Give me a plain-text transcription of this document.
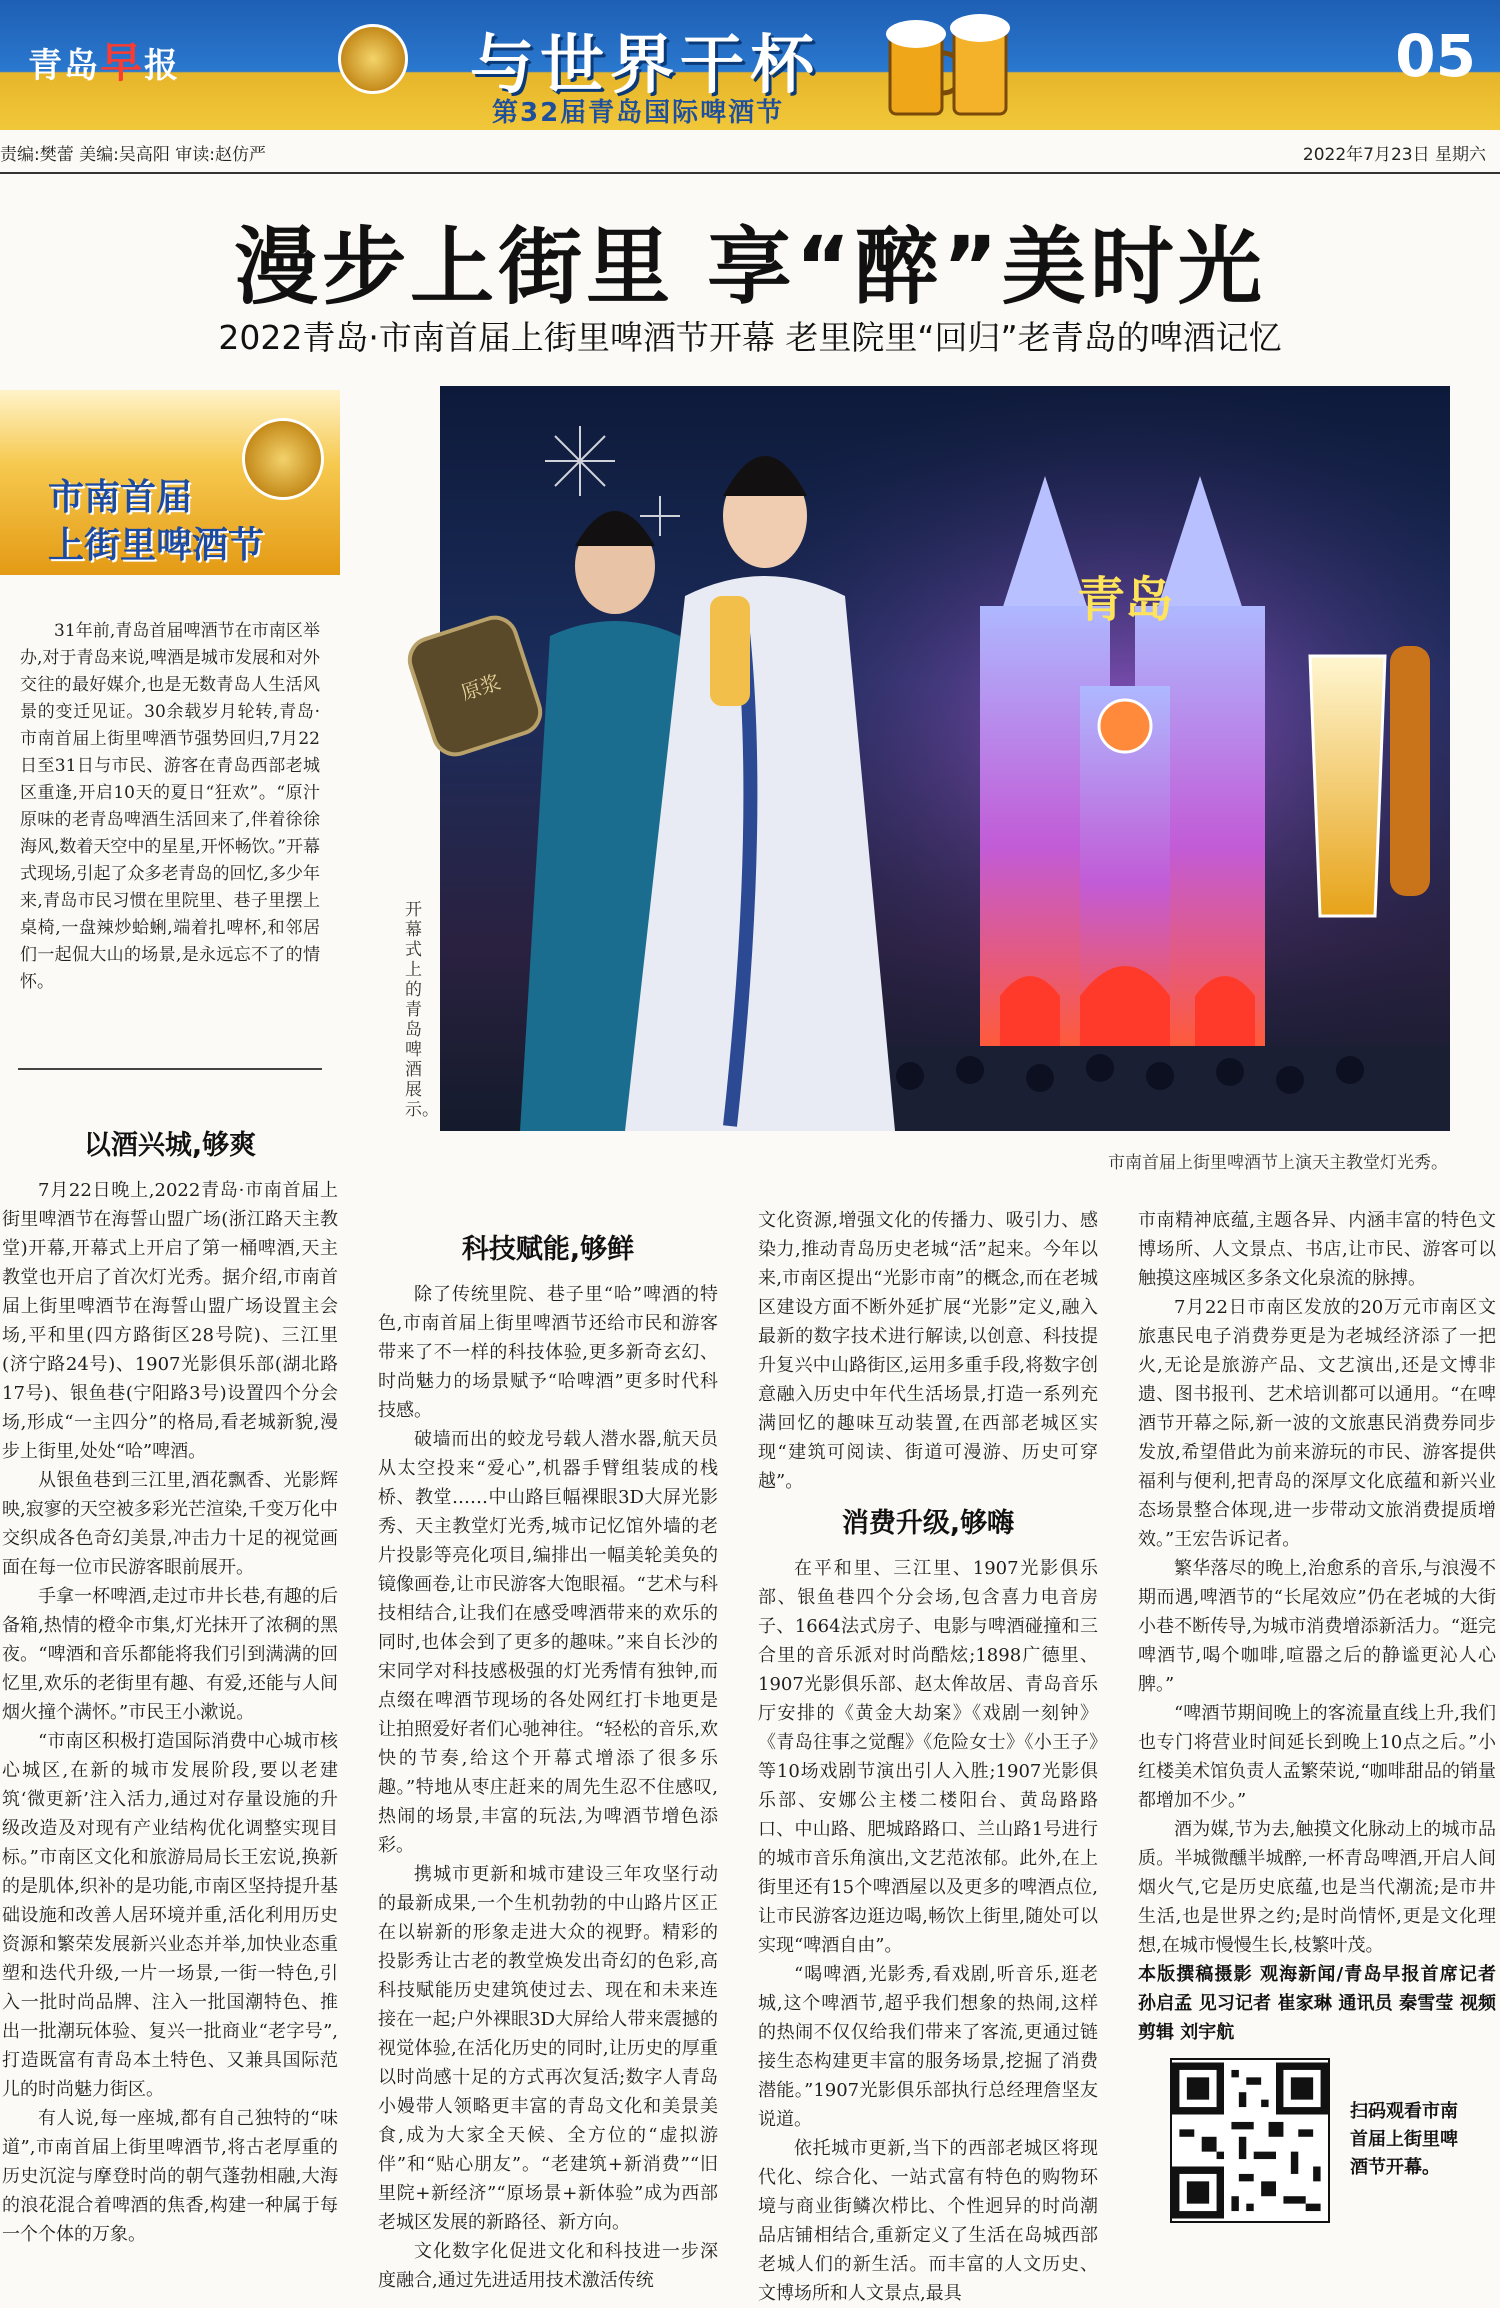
青岛早报	与世界干杯
第32届青岛国际啤酒节
05
责编:樊蕾 美编:吴高阳 审读:赵仿严	2022年7月23日 星期六
漫步上街里 享“醉”美时光
2022青岛·市南首届上街里啤酒节开幕 老里院里“回归”老青岛的啤酒记忆
市南首届
上街里啤酒节

31年前,青岛首届啤酒节在市南区举办,对于青岛来说,啤酒是城市发展和对外交往的最好媒介,也是无数青岛人生活风景的变迁见证。30余载岁月轮转,青岛·市南首届上街里啤酒节强势回归,7月22日至31日与市民、游客在青岛西部老城区重逢,开启10天的夏日“狂欢”。“原汁原味的老青岛啤酒生活回来了,伴着徐徐海风,数着天空中的星星,开怀畅饮。”开幕式现场,引起了众多老青岛的回忆,多少年来,青岛市民习惯在里院里、巷子里摆上桌椅,一盘辣炒蛤蜊,端着扎啤杯,和邻居们一起侃大山的场景,是永远忘不了的情怀。

青岛
原浆
开幕式上的青岛啤酒展示。
市南首届上街里啤酒节上演天主教堂灯光秀。

以酒兴城,够爽

7月22日晚上,2022青岛·市南首届上街里啤酒节在海誓山盟广场(浙江路天主教堂)开幕,开幕式上开启了第一桶啤酒,天主教堂也开启了首次灯光秀。据介绍,市南首届上街里啤酒节在海誓山盟广场设置主会场,平和里(四方路街区28号院)、三江里(济宁路24号)、1907光影俱乐部(湖北路17号)、银鱼巷(宁阳路3号)设置四个分会场,形成“一主四分”的格局,看老城新貌,漫步上街里,处处“哈”啤酒。

从银鱼巷到三江里,酒花飘香、光影辉映,寂寥的天空被多彩光芒渲染,千变万化中交织成各色奇幻美景,冲击力十足的视觉画面在每一位市民游客眼前展开。

手拿一杯啤酒,走过市井长巷,有趣的后备箱,热情的橙伞市集,灯光抹开了浓稠的黑夜。“啤酒和音乐都能将我们引到满满的回忆里,欢乐的老街里有趣、有爱,还能与人间烟火撞个满怀。”市民王小漱说。

“市南区积极打造国际消费中心城市核心城区,在新的城市发展阶段,要以老建筑‘微更新’注入活力,通过对存量设施的升级改造及对现有产业结构优化调整实现目标。”市南区文化和旅游局局长王宏说,换新的是肌体,织补的是功能,市南区坚持提升基础设施和改善人居环境并重,活化利用历史资源和繁荣发展新兴业态并举,加快业态重塑和迭代升级,一片一场景,一街一特色,引入一批时尚品牌、注入一批国潮特色、推出一批潮玩体验、复兴一批商业“老字号”,打造既富有青岛本土特色、又兼具国际范儿的时尚魅力街区。

有人说,每一座城,都有自己独特的“味道”,市南首届上街里啤酒节,将古老厚重的历史沉淀与摩登时尚的朝气蓬勃相融,大海的浪花混合着啤酒的焦香,构建一种属于每一个个体的万象。

科技赋能,够鲜

除了传统里院、巷子里“哈”啤酒的特色,市南首届上街里啤酒节还给市民和游客带来了不一样的科技体验,更多新奇玄幻、时尚魅力的场景赋予“哈啤酒”更多时代科技感。

破墙而出的蛟龙号载人潜水器,航天员从太空投来“爱心”,机器手臂组装成的栈桥、教堂……中山路巨幅裸眼3D大屏光影秀、天主教堂灯光秀,城市记忆馆外墙的老片投影等亮化项目,编排出一幅美轮美奂的镜像画卷,让市民游客大饱眼福。“艺术与科技相结合,让我们在感受啤酒带来的欢乐的同时,也体会到了更多的趣味。”来自长沙的宋同学对科技感极强的灯光秀情有独钟,而点缀在啤酒节现场的各处网红打卡地更是让拍照爱好者们心驰神往。“轻松的音乐,欢快的节奏,给这个开幕式增添了很多乐趣。”特地从枣庄赶来的周先生忍不住感叹,热闹的场景,丰富的玩法,为啤酒节增色添彩。

携城市更新和城市建设三年攻坚行动的最新成果,一个生机勃勃的中山路片区正在以崭新的形象走进大众的视野。精彩的投影秀让古老的教堂焕发出奇幻的色彩,高科技赋能历史建筑使过去、现在和未来连接在一起;户外裸眼3D大屏给人带来震撼的视觉体验,在活化历史的同时,让历史的厚重以时尚感十足的方式再次复活;数字人青岛小嫚带人领略更丰富的青岛文化和美景美食,成为大家全天候、全方位的“虚拟游伴”和“贴心朋友”。“老建筑+新消费”“旧里院+新经济”“原场景+新体验”成为西部老城区发展的新路径、新方向。

文化数字化促进文化和科技进一步深度融合,通过先进适用技术激活传统

文化资源,增强文化的传播力、吸引力、感染力,推动青岛历史老城“活”起来。今年以来,市南区提出“光影市南”的概念,而在老城区建设方面不断外延扩展“光影”定义,融入最新的数字技术进行解读,以创意、科技提升复兴中山路街区,运用多重手段,将数字创意融入历史中年代生活场景,打造一系列充满回忆的趣味互动装置,在西部老城区实现“建筑可阅读、街道可漫游、历史可穿越”。

消费升级,够嗨

在平和里、三江里、1907光影俱乐部、银鱼巷四个分会场,包含喜力电音房子、1664法式房子、电影与啤酒碰撞和三合里的音乐派对时尚酷炫;1898广德里、1907光影俱乐部、赵太侔故居、青岛音乐厅安排的《黄金大劫案》《戏剧一刻钟》《青岛往事之觉醒》《危险女士》《小王子》等10场戏剧节演出引人入胜;1907光影俱乐部、安娜公主楼二楼阳台、黄岛路路口、中山路、肥城路路口、兰山路1号进行的城市音乐角演出,文艺范浓郁。此外,在上街里还有15个啤酒屋以及更多的啤酒点位,让市民游客边逛边喝,畅饮上街里,随处可以实现“啤酒自由”。

“喝啤酒,光影秀,看戏剧,听音乐,逛老城,这个啤酒节,超乎我们想象的热闹,这样的热闹不仅仅给我们带来了客流,更通过链接生态构建更丰富的服务场景,挖掘了消费潜能。”1907光影俱乐部执行总经理詹坚友说道。

依托城市更新,当下的西部老城区将现代化、综合化、一站式富有特色的购物环境与商业街鳞次栉比、个性迥异的时尚潮品店铺相结合,重新定义了生活在岛城西部老城人们的新生活。而丰富的人文历史、文博场所和人文景点,最具

市南精神底蕴,主题各异、内涵丰富的特色文博场所、人文景点、书店,让市民、游客可以触摸这座城区多条文化泉流的脉搏。

7月22日市南区发放的20万元市南区文旅惠民电子消费券更是为老城经济添了一把火,无论是旅游产品、文艺演出,还是文博非遗、图书报刊、艺术培训都可以通用。“在啤酒节开幕之际,新一波的文旅惠民消费券同步发放,希望借此为前来游玩的市民、游客提供福利与便利,把青岛的深厚文化底蕴和新兴业态场景整合体现,进一步带动文旅消费提质增效。”王宏告诉记者。

繁华落尽的晚上,治愈系的音乐,与浪漫不期而遇,啤酒节的“长尾效应”仍在老城的大街小巷不断传导,为城市消费增添新活力。“逛完啤酒节,喝个咖啡,喧嚣之后的静谧更沁人心脾。”

“啤酒节期间晚上的客流量直线上升,我们也专门将营业时间延长到晚上10点之后。”小红楼美术馆负责人孟繁荣说,“咖啡甜品的销量都增加不少。”

酒为媒,节为去,触摸文化脉动上的城市品质。半城微醺半城醉,一杯青岛啤酒,开启人间烟火气,它是历史底蕴,也是当代潮流;是市井生活,也是世界之约;是时尚情怀,更是文化理想,在城市慢慢生长,枝繁叶茂。

本版撰稿摄影 观海新闻/青岛早报首席记者 孙启孟 见习记者 崔家琳 通讯员 秦雪莹 视频剪辑 刘宇航

扫码观看市南首届上街里啤酒节开幕。
